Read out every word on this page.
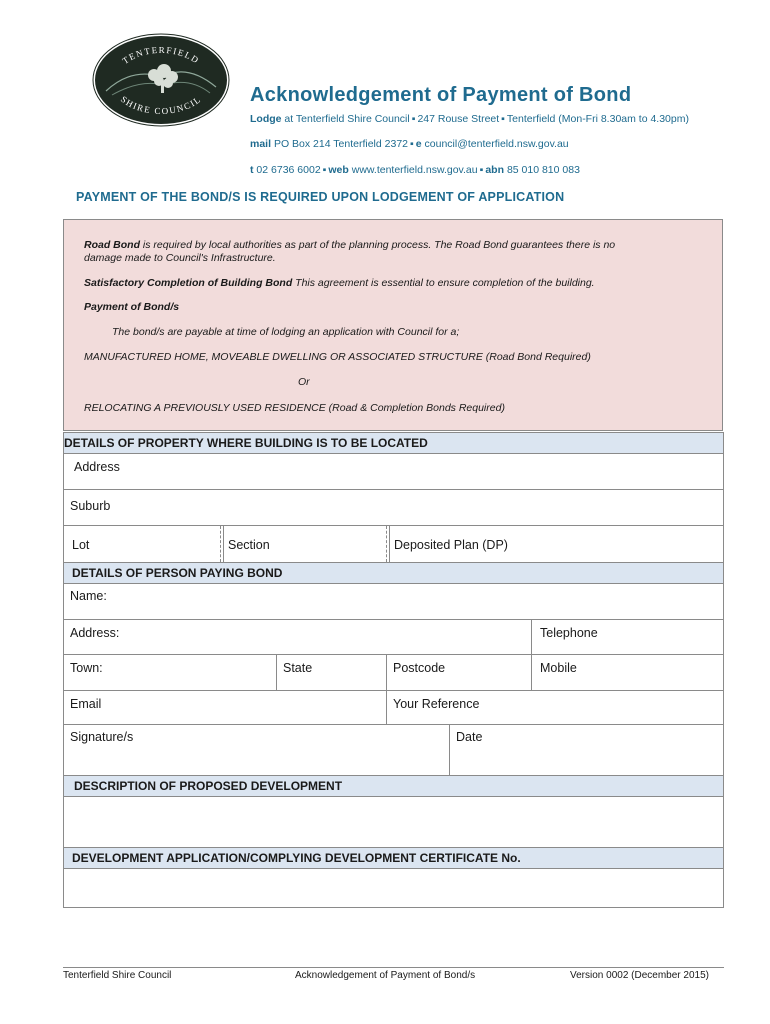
TENTERFIELD
SHIRE COUNCIL Acknowledgement of Payment of Bond
Lodge at Tenterfield Shire Council ▪ 247 Rouse Street ▪ Tenterfield (Mon-Fri 8.30am to 4.30pm)
mail PO Box 214 Tenterfield 2372 ▪ e council@tenterfield.nsw.gov.au
t 02 6736 6002 ▪ web www.tenterfield.nsw.gov.au ▪ abn 85 010 810 083
PAYMENT OF THE BOND/S IS REQUIRED UPON LODGEMENT OF APPLICATION
Road Bond is required by local authorities as part of the planning process. The Road Bond guarantees there is no
damage made to Council's Infrastructure.
Satisfactory Completion of Building Bond This agreement is essential to ensure completion of the building.
Payment of Bond/s
The bond/s are payable at time of lodging an application with Council for a;
MANUFACTURED HOME, MOVEABLE DWELLING OR ASSOCIATED STRUCTURE (Road Bond Required)
Or
RELOCATING A PREVIOUSLY USED RESIDENCE (Road & Completion Bonds Required)
DETAILS OF PROPERTY WHERE BUILDING IS TO BE LOCATED
Address
Suburb
Lot	Section	Deposited Plan (DP)
DETAILS OF PERSON PAYING BOND
Name:
Address:	Telephone
Town:	State	Postcode	Mobile
Email	Your Reference
Signature/s	Date
DESCRIPTION OF PROPOSED DEVELOPMENT
DEVELOPMENT APPLICATION/COMPLYING DEVELOPMENT CERTIFICATE No.
Tenterfield Shire Council	Acknowledgement of Payment of Bond/s	Version 0002 (December 2015)
